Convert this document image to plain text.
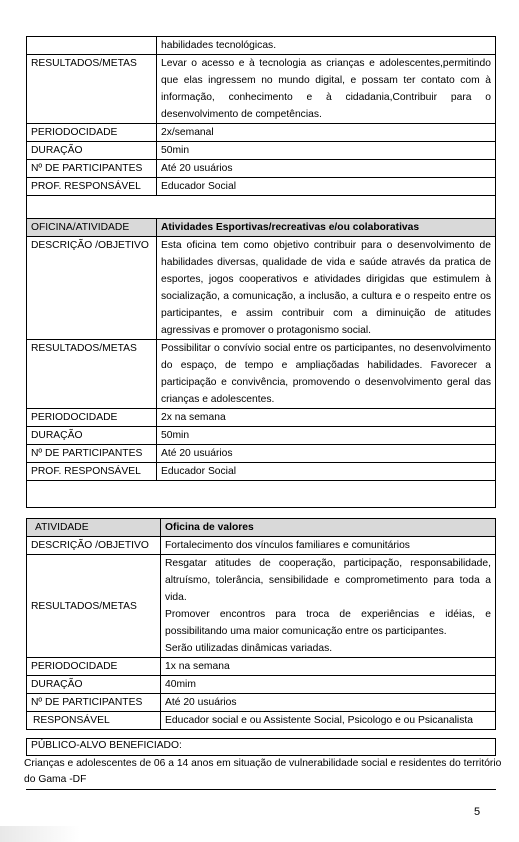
	habilidades tecnológicas.
RESULTADOS/METAS	Levar o acesso e à tecnologia as crianças e adolescentes,permitindo que elas ingressem no mundo digital, e possam ter contato com à informação, conhecimento e à cidadania,Contribuir para o desenvolvimento de competências.
PERIODOCIDADE	2x/semanal
DURAÇÃO	50min
Nº DE PARTICIPANTES	Até 20 usuários
PROF. RESPONSÁVEL	Educador Social

OFICINA/ATIVIDADE	Atividades Esportivas/recreativas e/ou colaborativas
DESCRIÇÃO /OBJETIVO	Esta oficina tem como objetivo contribuir para o desenvolvimento de habilidades diversas, qualidade de vida e saúde através da pratica de esportes, jogos cooperativos e atividades dirigidas que estimulem à socialização, a comunicação, a inclusão, a cultura e o respeito entre os participantes, e assim contribuir com a diminuição de atitudes agressivas e promover o protagonismo social.
RESULTADOS/METAS	Possibilitar o convívio social entre os participantes, no desenvolvimento do espaço, de tempo e ampliaçõadas habilidades. Favorecer a participação e convivência, promovendo o desenvolvimento geral das crianças e adolescentes.
PERIODOCIDADE	2x na semana
DURAÇÃO	50min
Nº DE PARTICIPANTES	Até 20 usuários
PROF. RESPONSÁVEL	Educador Social

ATIVIDADE	Oficina de valores
DESCRIÇÃO /OBJETIVO	Fortalecimento dos vínculos familiares e comunitários
RESULTADOS/METAS	Resgatar atitudes de cooperação, participação, responsabilidade, altruísmo, tolerância, sensibilidade e comprometimento para toda a vida.
Promover encontros para troca de experiências e idéias, e possibilitando uma maior comunicação entre os participantes.
Serão utilizadas dinâmicas variadas.

PERIODOCIDADE	1x na semana
DURAÇÃO	40mim
Nº DE PARTICIPANTES	Até 20 usuários
RESPONSÁVEL	Educador social e ou Assistente Social, Psicologo e ou Psicanalista
PÚBLICO-ALVO BENEFICIADO:
Crianças e adolescentes de 06 a 14 anos em situação de vulnerabilidade social e residentes do território do Gama -DF
5
